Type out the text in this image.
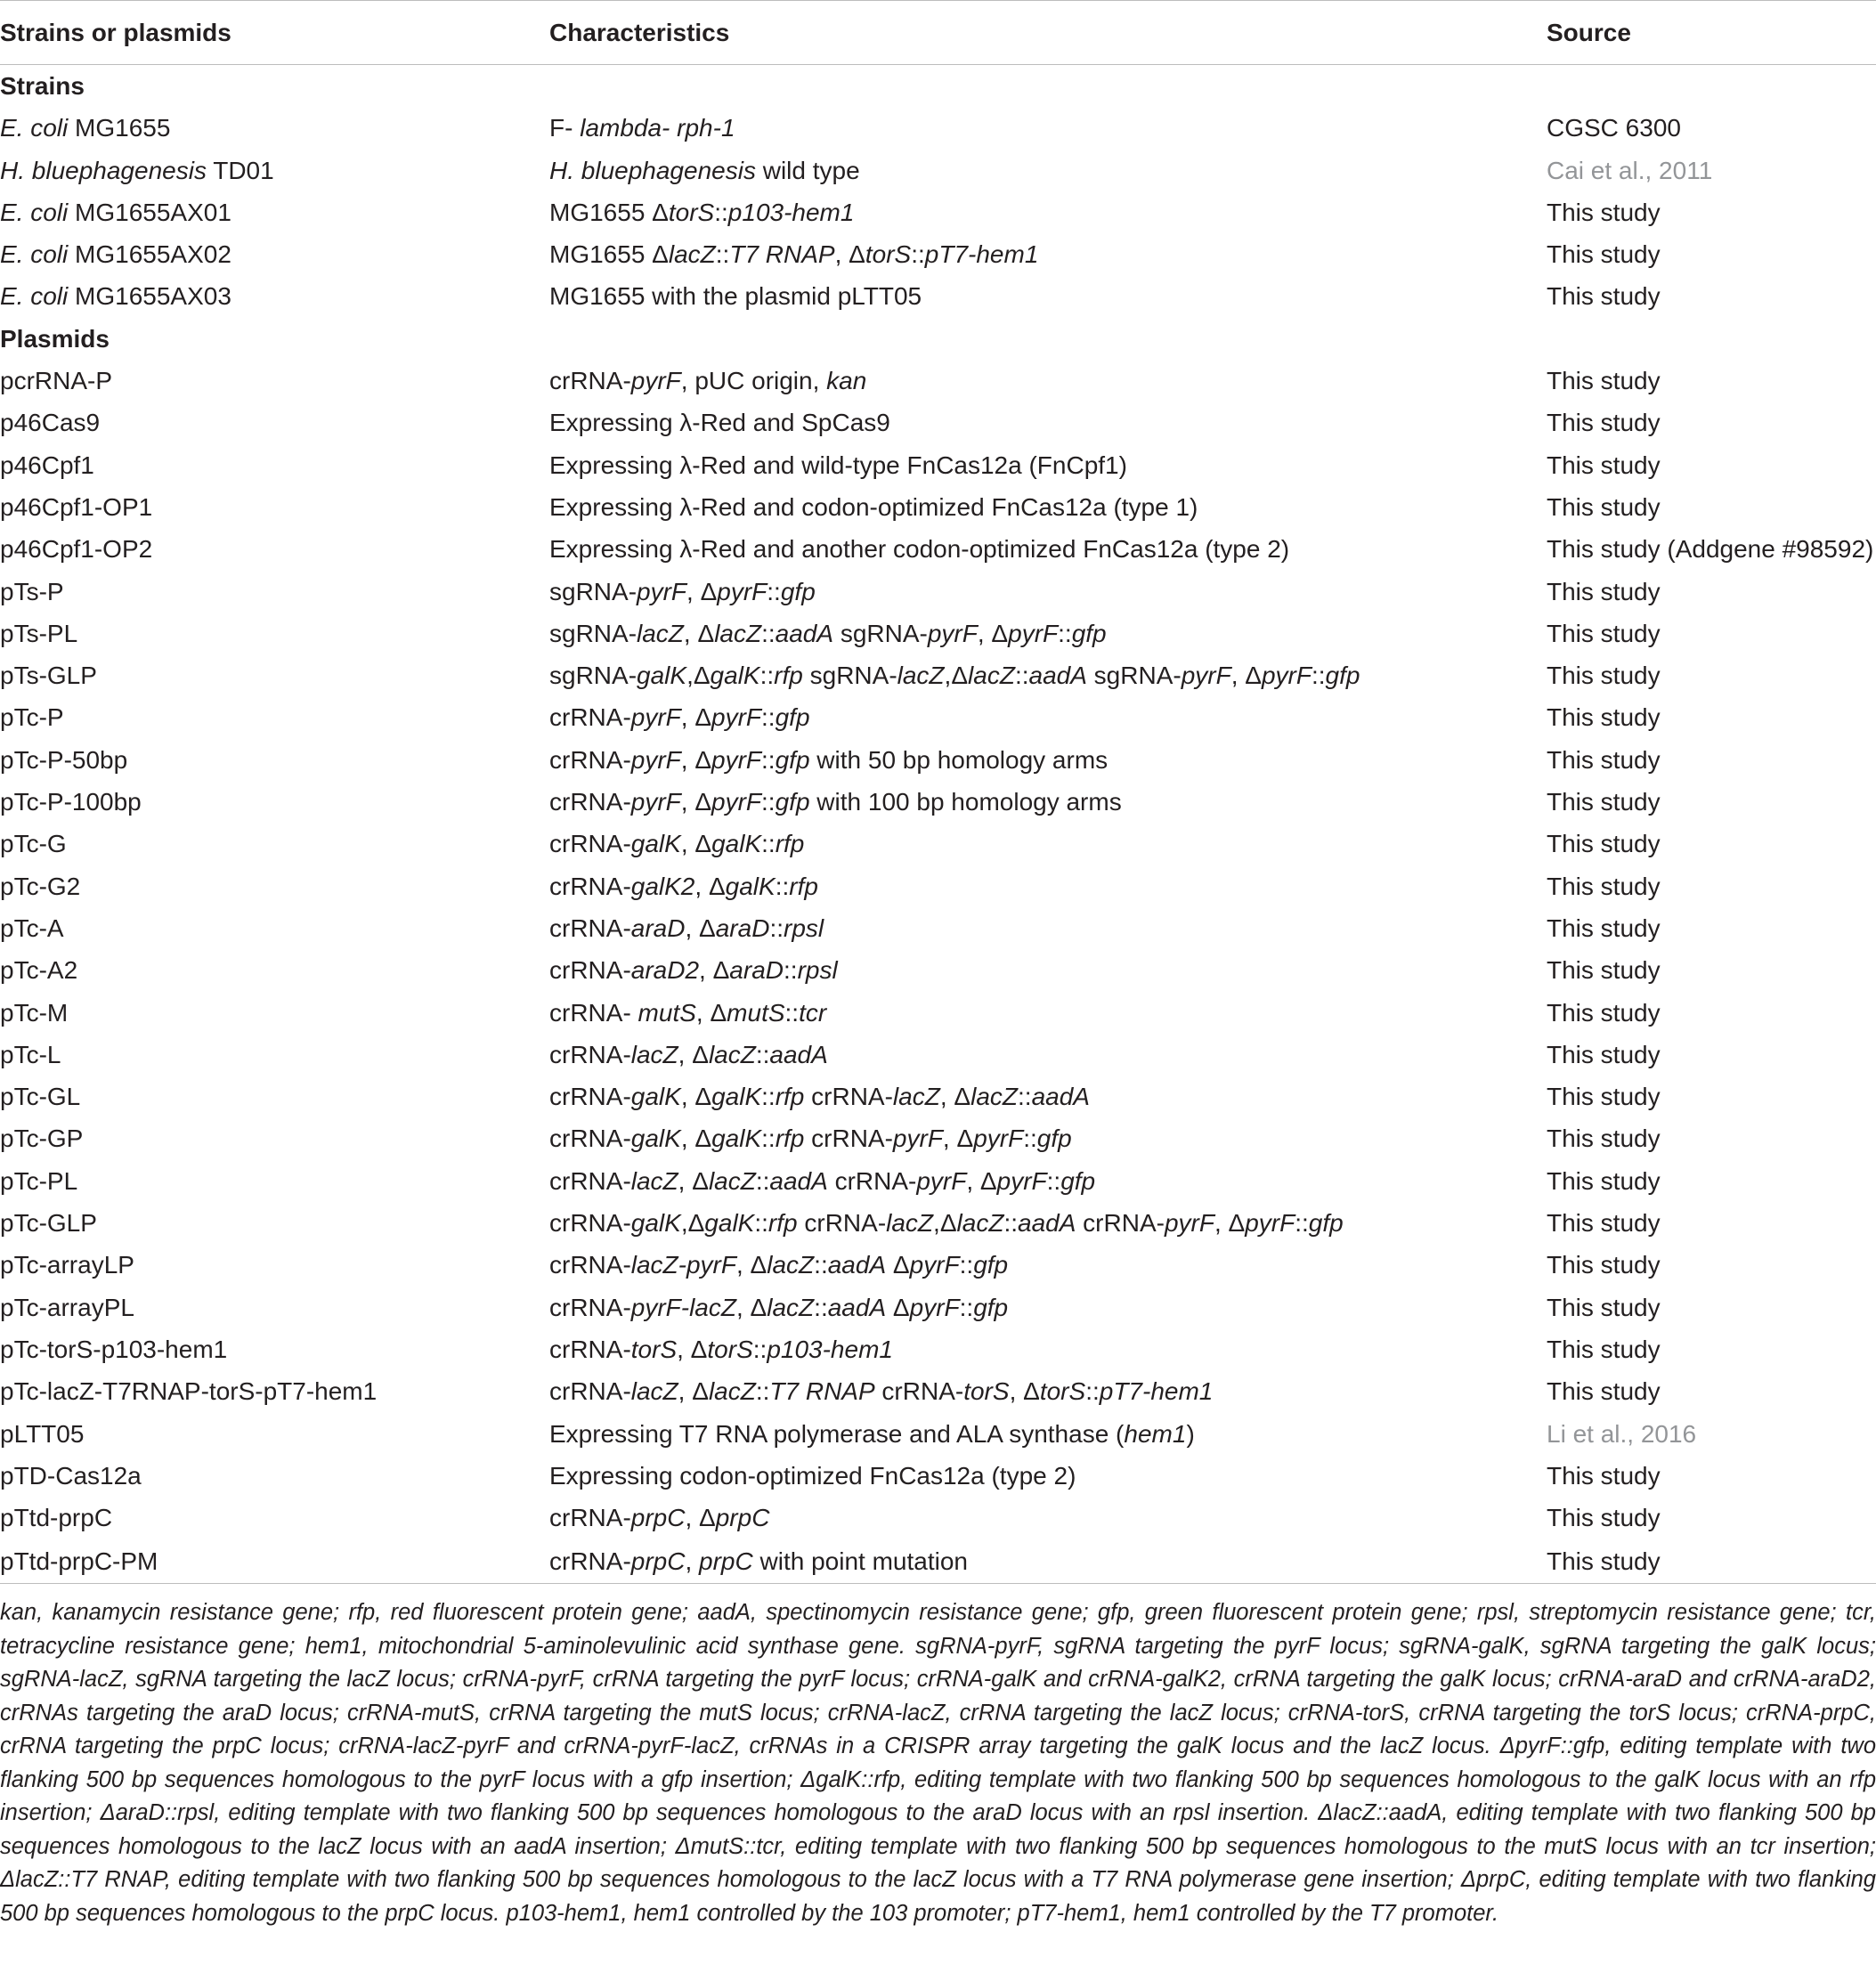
Strains or plasmids	Characteristics	Source
Strains		
E. coli MG1655	F- lambda- rph-1	CGSC 6300
H. bluephagenesis TD01	H. bluephagenesis wild type	Cai et al., 2011
E. coli MG1655AX01	MG1655 ΔtorS::p103-hem1	This study
E. coli MG1655AX02	MG1655 ΔlacZ::T7 RNAP, ΔtorS::pT7-hem1	This study
E. coli MG1655AX03	MG1655 with the plasmid pLTT05	This study
Plasmids		
pcrRNA-P	crRNA-pyrF, pUC origin, kan	This study
p46Cas9	Expressing λ-Red and SpCas9	This study
p46Cpf1	Expressing λ-Red and wild-type FnCas12a (FnCpf1)	This study
p46Cpf1-OP1	Expressing λ-Red and codon-optimized FnCas12a (type 1)	This study
p46Cpf1-OP2	Expressing λ-Red and another codon-optimized FnCas12a (type 2)	This study (Addgene #98592)
pTs-P	sgRNA-pyrF, ΔpyrF::gfp	This study
pTs-PL	sgRNA-lacZ, ΔlacZ::aadA sgRNA-pyrF, ΔpyrF::gfp	This study
pTs-GLP	sgRNA-galK,ΔgalK::rfp sgRNA-lacZ,ΔlacZ::aadA sgRNA-pyrF, ΔpyrF::gfp	This study
pTc-P	crRNA-pyrF, ΔpyrF::gfp	This study
pTc-P-50bp	crRNA-pyrF, ΔpyrF::gfp with 50 bp homology arms	This study
pTc-P-100bp	crRNA-pyrF, ΔpyrF::gfp with 100 bp homology arms	This study
pTc-G	crRNA-galK, ΔgalK::rfp	This study
pTc-G2	crRNA-galK2, ΔgalK::rfp	This study
pTc-A	crRNA-araD, ΔaraD::rpsl	This study
pTc-A2	crRNA-araD2, ΔaraD::rpsl	This study
pTc-M	crRNA- mutS, ΔmutS::tcr	This study
pTc-L	crRNA-lacZ, ΔlacZ::aadA	This study
pTc-GL	crRNA-galK, ΔgalK::rfp crRNA-lacZ, ΔlacZ::aadA	This study
pTc-GP	crRNA-galK, ΔgalK::rfp crRNA-pyrF, ΔpyrF::gfp	This study
pTc-PL	crRNA-lacZ, ΔlacZ::aadA crRNA-pyrF, ΔpyrF::gfp	This study
pTc-GLP	crRNA-galK,ΔgalK::rfp crRNA-lacZ,ΔlacZ::aadA crRNA-pyrF, ΔpyrF::gfp	This study
pTc-arrayLP	crRNA-lacZ-pyrF, ΔlacZ::aadA ΔpyrF::gfp	This study
pTc-arrayPL	crRNA-pyrF-lacZ, ΔlacZ::aadA ΔpyrF::gfp	This study
pTc-torS-p103-hem1	crRNA-torS, ΔtorS::p103-hem1	This study
pTc-lacZ-T7RNAP-torS-pT7-hem1	crRNA-lacZ, ΔlacZ::T7 RNAP crRNA-torS, ΔtorS::pT7-hem1	This study
pLTT05	Expressing T7 RNA polymerase and ALA synthase (hem1)	Li et al., 2016
pTD-Cas12a	Expressing codon-optimized FnCas12a (type 2)	This study
pTtd-prpC	crRNA-prpC, ΔprpC	This study
pTtd-prpC-PM	crRNA-prpC, prpC with point mutation	This study

kan, kanamycin resistance gene; rfp, red fluorescent protein gene; aadA, spectinomycin resistance gene; gfp, green fluorescent protein gene; rpsl, streptomycin resistance gene; tcr, tetracycline resistance gene; hem1, mitochondrial 5-aminolevulinic acid synthase gene. sgRNA-pyrF, sgRNA targeting the pyrF locus; sgRNA-galK, sgRNA targeting the galK locus; sgRNA-lacZ, sgRNA targeting the lacZ locus; crRNA-pyrF, crRNA targeting the pyrF locus; crRNA-galK and crRNA-galK2, crRNA targeting the galK locus; crRNA-araD and crRNA-araD2, crRNAs targeting the araD locus; crRNA-mutS, crRNA targeting the mutS locus; crRNA-lacZ, crRNA targeting the lacZ locus; crRNA-torS, crRNA targeting the torS locus; crRNA-prpC, crRNA targeting the prpC locus; crRNA-lacZ-pyrF and crRNA-pyrF-lacZ, crRNAs in a CRISPR array targeting the galK locus and the lacZ locus. ΔpyrF::gfp, editing template with two flanking 500 bp sequences homologous to the pyrF locus with a gfp insertion; ΔgalK::rfp, editing template with two flanking 500 bp sequences homologous to the galK locus with an rfp insertion; ΔaraD::rpsl, editing template with two flanking 500 bp sequences homologous to the araD locus with an rpsl insertion. ΔlacZ::aadA, editing template with two flanking 500 bp sequences homologous to the lacZ locus with an aadA insertion; ΔmutS::tcr, editing template with two flanking 500 bp sequences homologous to the mutS locus with an tcr insertion; ΔlacZ::T7 RNAP, editing template with two flanking 500 bp sequences homologous to the lacZ locus with a T7 RNA polymerase gene insertion; ΔprpC, editing template with two flanking 500 bp sequences homologous to the prpC locus. p103-hem1, hem1 controlled by the 103 promoter; pT7-hem1, hem1 controlled by the T7 promoter.
